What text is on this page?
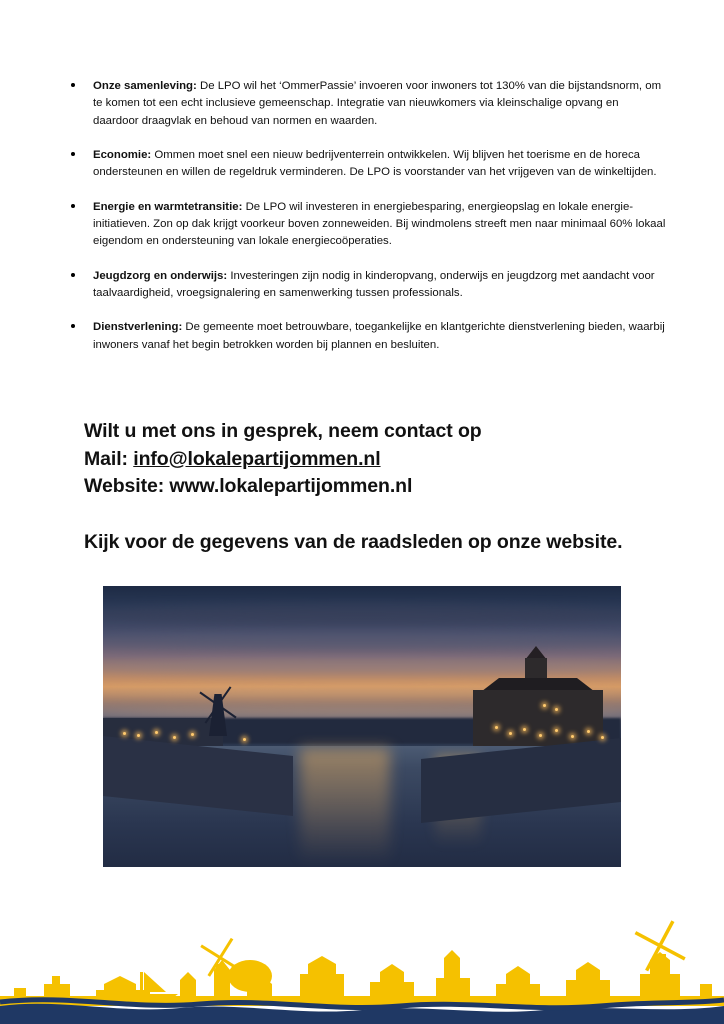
Onze samenleving: De LPO wil het ‘OmmerPassie’ invoeren voor inwoners tot 130% van die bijstandsnorm, om te komen tot een echt inclusieve gemeenschap. Integratie van nieuwkomers via kleinschalige opvang en daardoor draagvlak en behoud van normen en waarden.
Economie: Ommen moet snel een nieuw bedrijventerrein ontwikkelen. Wij blijven het toerisme en de horeca ondersteunen en willen de regeldruk verminderen. De LPO is voorstander van het vrijgeven van de winkeltijden.
Energie en warmtetransitie: De LPO wil investeren in energiebesparing, energieopslag en lokale energie-initiatieven. Zon op dak krijgt voorkeur boven zonneweiden. Bij windmolens streeft men naar minimaal 60% lokaal eigendom en ondersteuning van lokale energiecoöperaties.
Jeugdzorg en onderwijs: Investeringen zijn nodig in kinderopvang, onderwijs en jeugdzorg met aandacht voor taalvaardigheid, vroegsignalering en samenwerking tussen professionals.
Dienstverlening: De gemeente moet betrouwbare, toegankelijke en klantgerichte dienstverlening bieden, waarbij inwoners vanaf het begin betrokken worden bij plannen en besluiten.
Wilt u met ons in gesprek, neem contact op
Mail: info@lokalepartijommen.nl
Website: www.lokalepartijommen.nl
Kijk voor de gegevens van de raadsleden op onze website.
